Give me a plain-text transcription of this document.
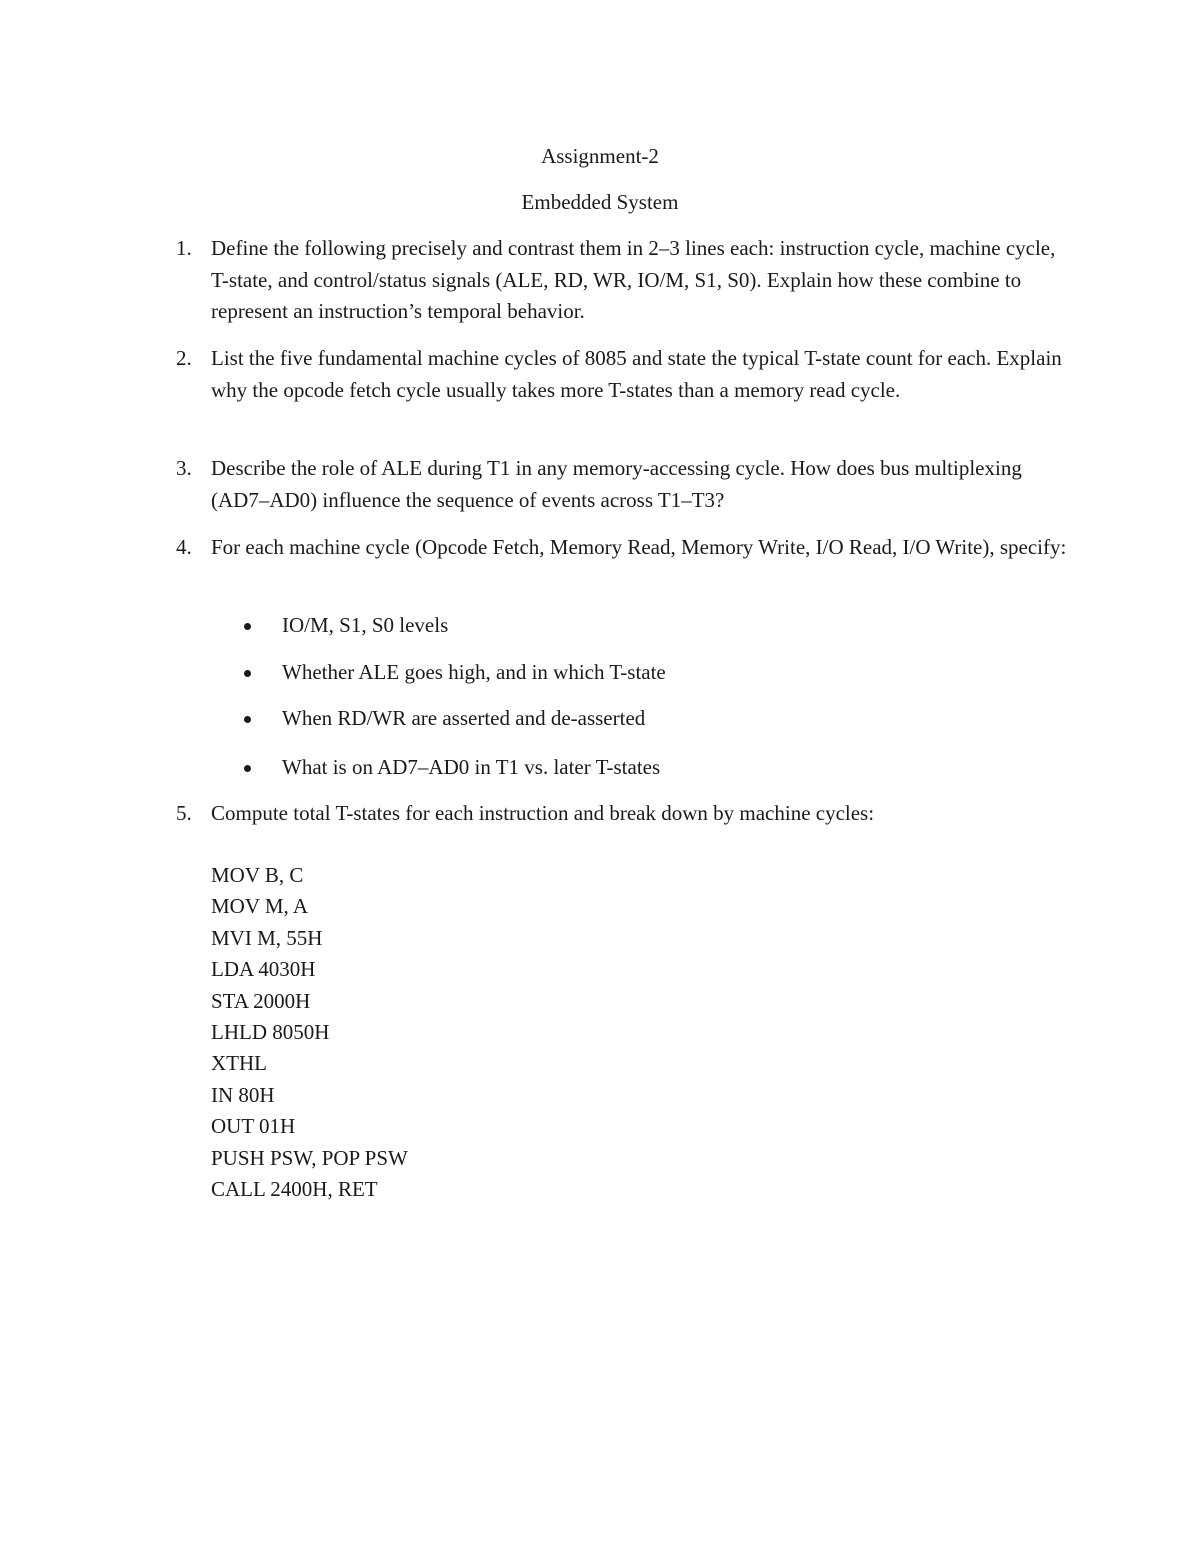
Assignment-2
Embedded System
1. Define the following precisely and contrast them in 2–3 lines each: instruction cycle, machine cycle, T-state, and control/status signals (ALE, RD, WR, IO/M, S1, S0). Explain how these combine to represent an instruction’s temporal behavior.
2. List the five fundamental machine cycles of 8085 and state the typical T-state count for each. Explain why the opcode fetch cycle usually takes more T-states than a memory read cycle.
3. Describe the role of ALE during T1 in any memory-accessing cycle. How does bus multiplexing (AD7–AD0) influence the sequence of events across T1–T3?
4. For each machine cycle (Opcode Fetch, Memory Read, Memory Write, I/O Read, I/O Write), specify:
IO/M, S1, S0 levels
Whether ALE goes high, and in which T-state
When RD/WR are asserted and de-asserted
What is on AD7–AD0 in T1 vs. later T-states
5. Compute total T-states for each instruction and break down by machine cycles:
MOV B, C
MOV M, A
MVI M, 55H
LDA 4030H
STA 2000H
LHLD 8050H
XTHL
IN 80H
OUT 01H
PUSH PSW, POP PSW
CALL 2400H, RET
